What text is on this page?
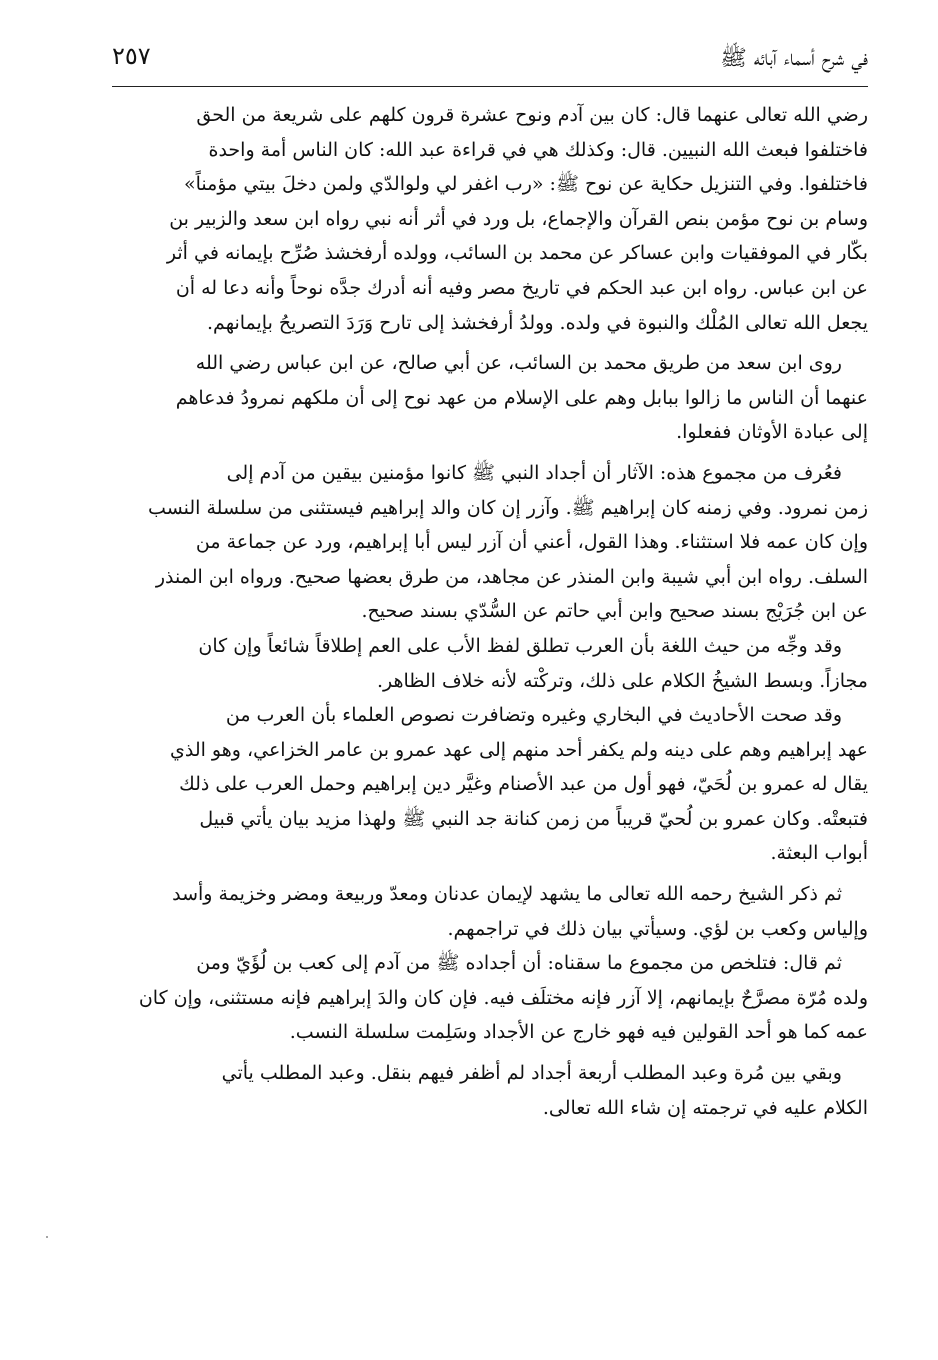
في شرح أسماء آبائه ﷺ
٢٥٧
رضي الله تعالى عنهما قال: كان بين آدم ونوح عشرة قرون كلهم على شريعة من الحق
فاختلفوا فبعث الله النبيين. قال: وكذلك هي في قراءة عبد الله: كان الناس أمة واحدة
فاختلفوا. وفي التنزيل حكاية عن نوح ﷺ: «رب اغفر لي ولوالدّي ولمن دخلَ بيتي مؤمناً»
وسام بن نوح مؤمن بنص القرآن والإجماع، بل ورد في أثر أنه نبي رواه ابن سعد والزبير بن
بكّار في الموفقيات وابن عساكر عن محمد بن السائب، وولده أرفخشذ صُرِّح بإيمانه في أثر
عن ابن عباس. رواه ابن عبد الحكم في تاريخ مصر وفيه أنه أدرك جدَّه نوحاً وأنه دعا له أن
يجعل الله تعالى المُلْك والنبوة في ولده. وولدُ أرفخشذ إلى تارح وَرَدَ التصريحُ بإيمانهم.
روى ابن سعد من طريق محمد بن السائب، عن أبي صالح، عن ابن عباس رضي الله
عنهما أن الناس ما زالوا ببابل وهم على الإسلام من عهد نوح إلى أن ملكهم نمرودُ فدعاهم
إلى عبادة الأوثان ففعلوا.
فعُرف من مجموع هذه: الآثار أن أجداد النبي ﷺ كانوا مؤمنين بيقين من آدم إلى
زمن نمرود. وفي زمنه كان إبراهيم ﷺ. وآزر إن كان والد إبراهيم فيستثنى من سلسلة النسب
وإن كان عمه فلا استثناء. وهذا القول، أعني أن آزر ليس أبا إبراهيم، ورد عن جماعة من
السلف. رواه ابن أبي شيبة وابن المنذر عن مجاهد، من طرق بعضها صحيح. ورواه ابن المنذر
عن ابن جُرَيْج بسند صحيح وابن أبي حاتم عن السُّدّي بسند صحيح.
وقد وجِّه من حيث اللغة بأن العرب تطلق لفظ الأب على العم إطلاقاً شائعاً وإن كان
مجازاً. وبسط الشيخُ الكلام على ذلك، وتركْته لأنه خلاف الظاهر.
وقد صحت الأحاديث في البخاري وغيره وتضافرت نصوص العلماء بأن العرب من
عهد إبراهيم وهم على دينه ولم يكفر أحد منهم إلى عهد عمرو بن عامر الخزاعي، وهو الذي
يقال له عمرو بن لُحَيّ، فهو أول من عبد الأصنام وغيَّر دين إبراهيم وحمل العرب على ذلك
فتبعتْه. وكان عمرو بن لُحيّ قريباً من زمن كنانة جد النبي ﷺ ولهذا مزيد بيان يأتي قبيل
أبواب البعثة.
ثم ذكر الشيخ رحمه الله تعالى ما يشهد لإيمان عدنان ومعدّ وربيعة ومضر وخزيمة وأسد
وإلياس وكعب بن لؤي. وسيأتي بيان ذلك في تراجمهم.
ثم قال: فتلخص من مجموع ما سقناه: أن أجداده ﷺ من آدم إلى كعب بن لُؤَيّ ومن
ولده مُرّة مصرَّحٌ بإيمانهم، إلا آزر فإنه مختلَف فيه. فإن كان والدَ إبراهيم فإنه مستثنى، وإن كان
عمه كما هو أحد القولين فيه فهو خارج عن الأجداد وسَلِمت سلسلة النسب.
وبقي بين مُرة وعبد المطلب أربعة أجداد لم أظفر فيهم بنقل. وعبد المطلب يأتي
الكلام عليه في ترجمته إن شاء الله تعالى.
